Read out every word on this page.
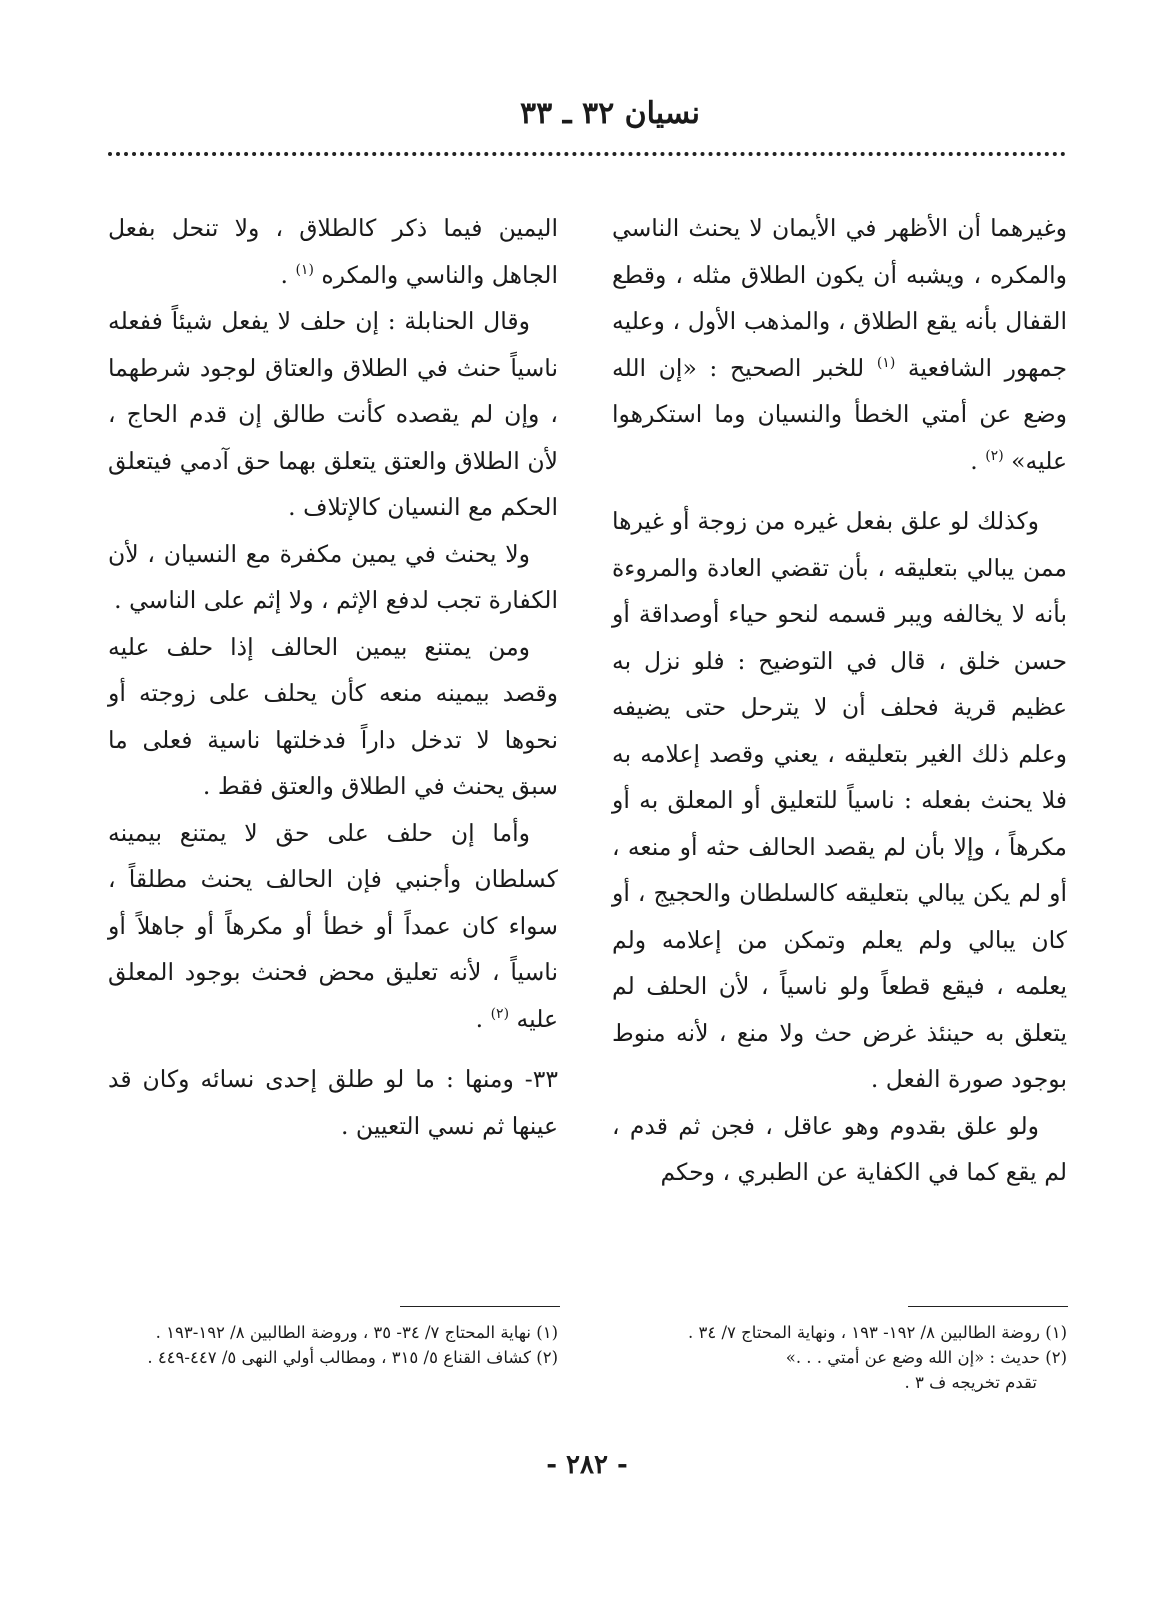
نسيان ٣٢ ـ ٣٣

وغيرهما أن الأظهر في الأيمان لا يحنث الناسي والمكره ، ويشبه أن يكون الطلاق مثله ، وقطع القفال بأنه يقع الطلاق ، والمذهب الأول ، وعليه جمهور الشافعية $^{(١)}$ للخبر الصحيح : «إن الله وضع عن أمتي الخطأ والنسيان وما استكرهوا عليه» $^{(٢)}$ .

وكذلك لو علق بفعل غيره من زوجة أو غيرها ممن يبالي بتعليقه ، بأن تقضي العادة والمروءة بأنه لا يخالفه ويبر قسمه لنحو حياء أوصداقة أو حسن خلق ، قال في التوضيح : فلو نزل به عظيم قرية فحلف أن لا يترحل حتى يضيفه وعلم ذلك الغير بتعليقه ، يعني وقصد إعلامه به فلا يحنث بفعله : ناسياً للتعليق أو المعلق به أو مكرهاً ، وإلا بأن لم يقصد الحالف حثه أو منعه ، أو لم يكن يبالي بتعليقه كالسلطان والحجيج ، أو كان يبالي ولم يعلم وتمكن من إعلامه ولم يعلمه ، فيقع قطعاً ولو ناسياً ، لأن الحلف لم يتعلق به حينئذ غرض حث ولا منع ، لأنه منوط بوجود صورة الفعل .

ولو علق بقدوم وهو عاقل ، فجن ثم قدم ، لم يقع كما في الكفاية عن الطبري ، وحكم

اليمين فيما ذكر كالطلاق ، ولا تنحل بفعل الجاهل والناسي والمكره $^{(١)}$ .

وقال الحنابلة : إن حلف لا يفعل شيئاً ففعله ناسياً حنث في الطلاق والعتاق لوجود شرطهما ، وإن لم يقصده كأنت طالق إن قدم الحاج ، لأن الطلاق والعتق يتعلق بهما حق آدمي فيتعلق الحكم مع النسيان كالإتلاف .

ولا يحنث في يمين مكفرة مع النسيان ، لأن الكفارة تجب لدفع الإثم ، ولا إثم على الناسي .

ومن يمتنع بيمين الحالف إذا حلف عليه وقصد بيمينه منعه كأن يحلف على زوجته أو نحوها لا تدخل داراً فدخلتها ناسية فعلى ما سبق يحنث في الطلاق والعتق فقط .

وأما إن حلف على حق لا يمتنع بيمينه كسلطان وأجنبي فإن الحالف يحنث مطلقاً ، سواء كان عمداً أو خطأ أو مكرهاً أو جاهلاً أو ناسياً ، لأنه تعليق محض فحنث بوجود المعلق عليه $^{(٢)}$ .

٣٣- ومنها : ما لو طلق إحدى نسائه وكان قد عينها ثم نسي التعيين .

(١) روضة الطالبين ٨/ ١٩٢- ١٩٣ ، ونهاية المحتاج ٧/ ٣٤ .

(٢) حديث : «إن الله وضع عن أمتي . . .»

تقدم تخريجه ف ٣ .

(١) نهاية المحتاج ٧/ ٣٤- ٣٥ ، وروضة الطالبين ٨/ ١٩٢-١٩٣ .

(٢) كشاف القناع ٥/ ٣١٥ ، ومطالب أولي النهى ٥/ ٤٤٧-٤٤٩ .

- ٢٨٢ -
